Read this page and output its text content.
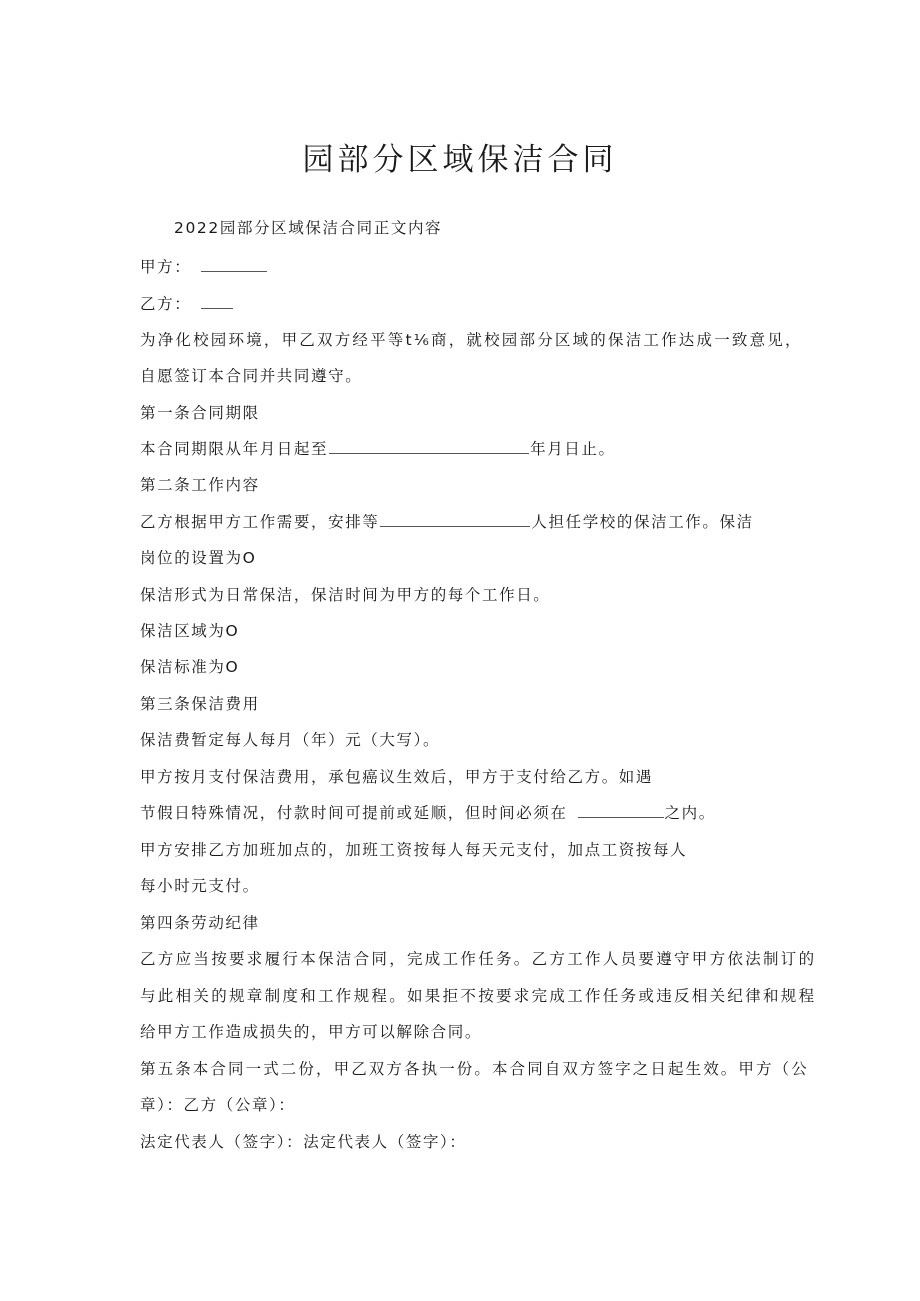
园部分区域保洁合同

2022园部分区域保洁合同正文内容

甲方：

乙方：

为净化校园环境，甲乙双方经平等t⅙商，就校园部分区域的保洁工作达成一致意见，

自愿签订本合同并共同遵守。

第一条合同期限

本合同期限从年月日起至	年月日止。

第二条工作内容

乙方根据甲方工作需要，安排等	人担任学校的保洁工作。保洁

岗位的设置为O

保洁形式为日常保洁，保洁时间为甲方的每个工作日。

保洁区域为O

保洁标准为O

第三条保洁费用

保洁费暂定每人每月（年）元（大写）。

甲方按月支付保洁费用，承包癌议生效后，甲方于支付给乙方。如遇

节假日特殊情况，付款时间可提前或延顺，但时间必须在	之内。

甲方安排乙方加班加点的，加班工资按每人每天元支付，加点工资按每人

每小时元支付。

第四条劳动纪律

乙方应当按要求履行本保洁合同，完成工作任务。乙方工作人员要遵守甲方依法制订的

与此相关的规章制度和工作规程。如果拒不按要求完成工作任务或违反相关纪律和规程

给甲方工作造成损失的，甲方可以解除合同。

第五条本合同一式二份，甲乙双方各执一份。本合同自双方签字之日起生效。甲方（公

章）：乙方（公章）：

法定代表人（签字）：法定代表人（签字）：
